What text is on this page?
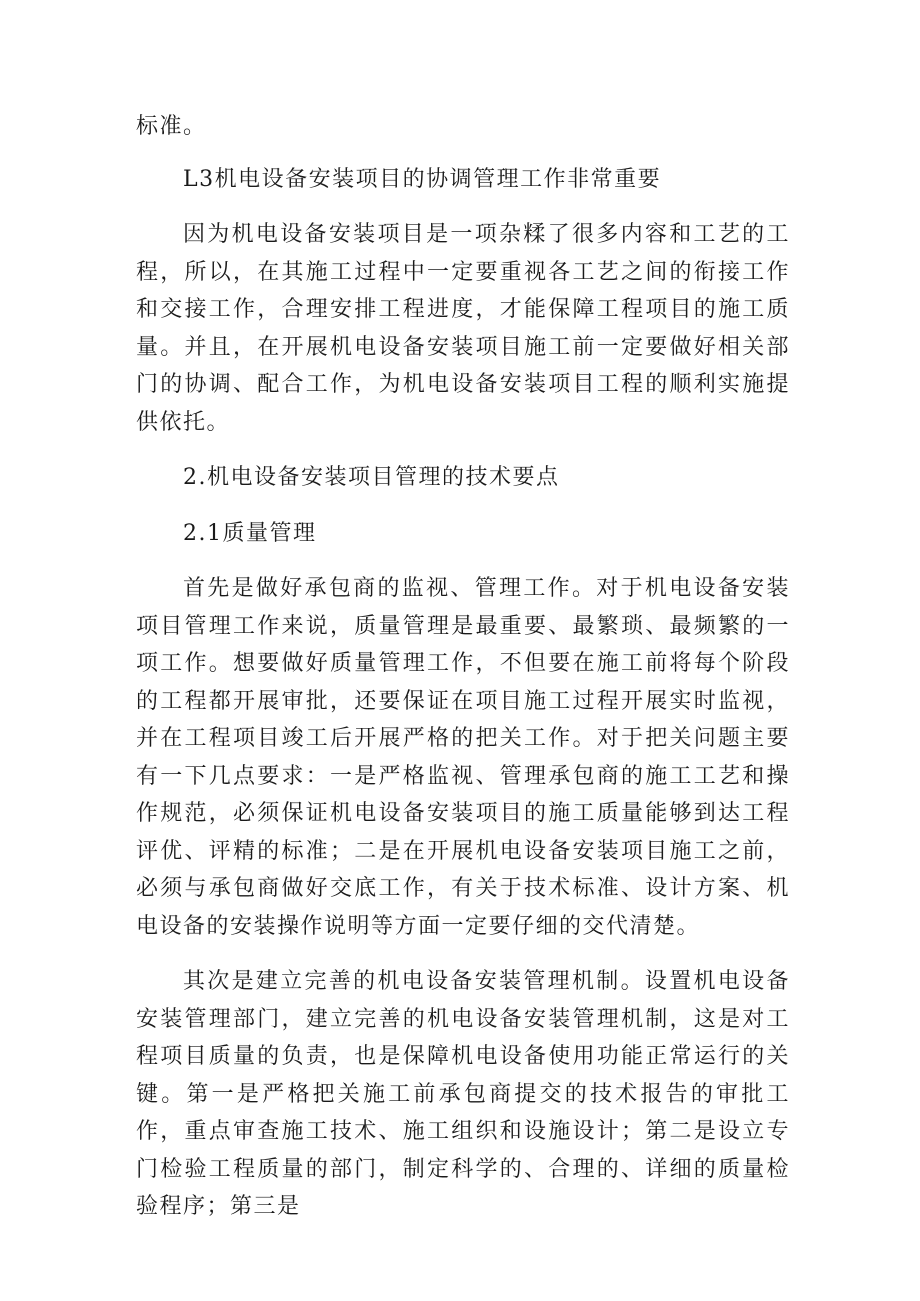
标准。

L3机电设备安装项目的协调管理工作非常重要

因为机电设备安装项目是一项杂糅了很多内容和工艺的工程，所以，在其施工过程中一定要重视各工艺之间的衔接工作和交接工作，合理安排工程进度，才能保障工程项目的施工质量。并且，在开展机电设备安装项目施工前一定要做好相关部门的协调、配合工作，为机电设备安装项目工程的顺利实施提供依托。

2.机电设备安装项目管理的技术要点

2.1质量管理

首先是做好承包商的监视、管理工作。对于机电设备安装项目管理工作来说，质量管理是最重要、最繁琐、最频繁的一项工作。想要做好质量管理工作，不但要在施工前将每个阶段的工程都开展审批，还要保证在项目施工过程开展实时监视，并在工程项目竣工后开展严格的把关工作。对于把关问题主要有一下几点要求：一是严格监视、管理承包商的施工工艺和操作规范，必须保证机电设备安装项目的施工质量能够到达工程评优、评精的标准；二是在开展机电设备安装项目施工之前，必须与承包商做好交底工作，有关于技术标准、设计方案、机电设备的安装操作说明等方面一定要仔细的交代清楚。

其次是建立完善的机电设备安装管理机制。设置机电设备安装管理部门，建立完善的机电设备安装管理机制，这是对工程项目质量的负责，也是保障机电设备使用功能正常运行的关键。第一是严格把关施工前承包商提交的技术报告的审批工作，重点审查施工技术、施工组织和设施设计；第二是设立专门检验工程质量的部门，制定科学的、合理的、详细的质量检验程序；第三是
